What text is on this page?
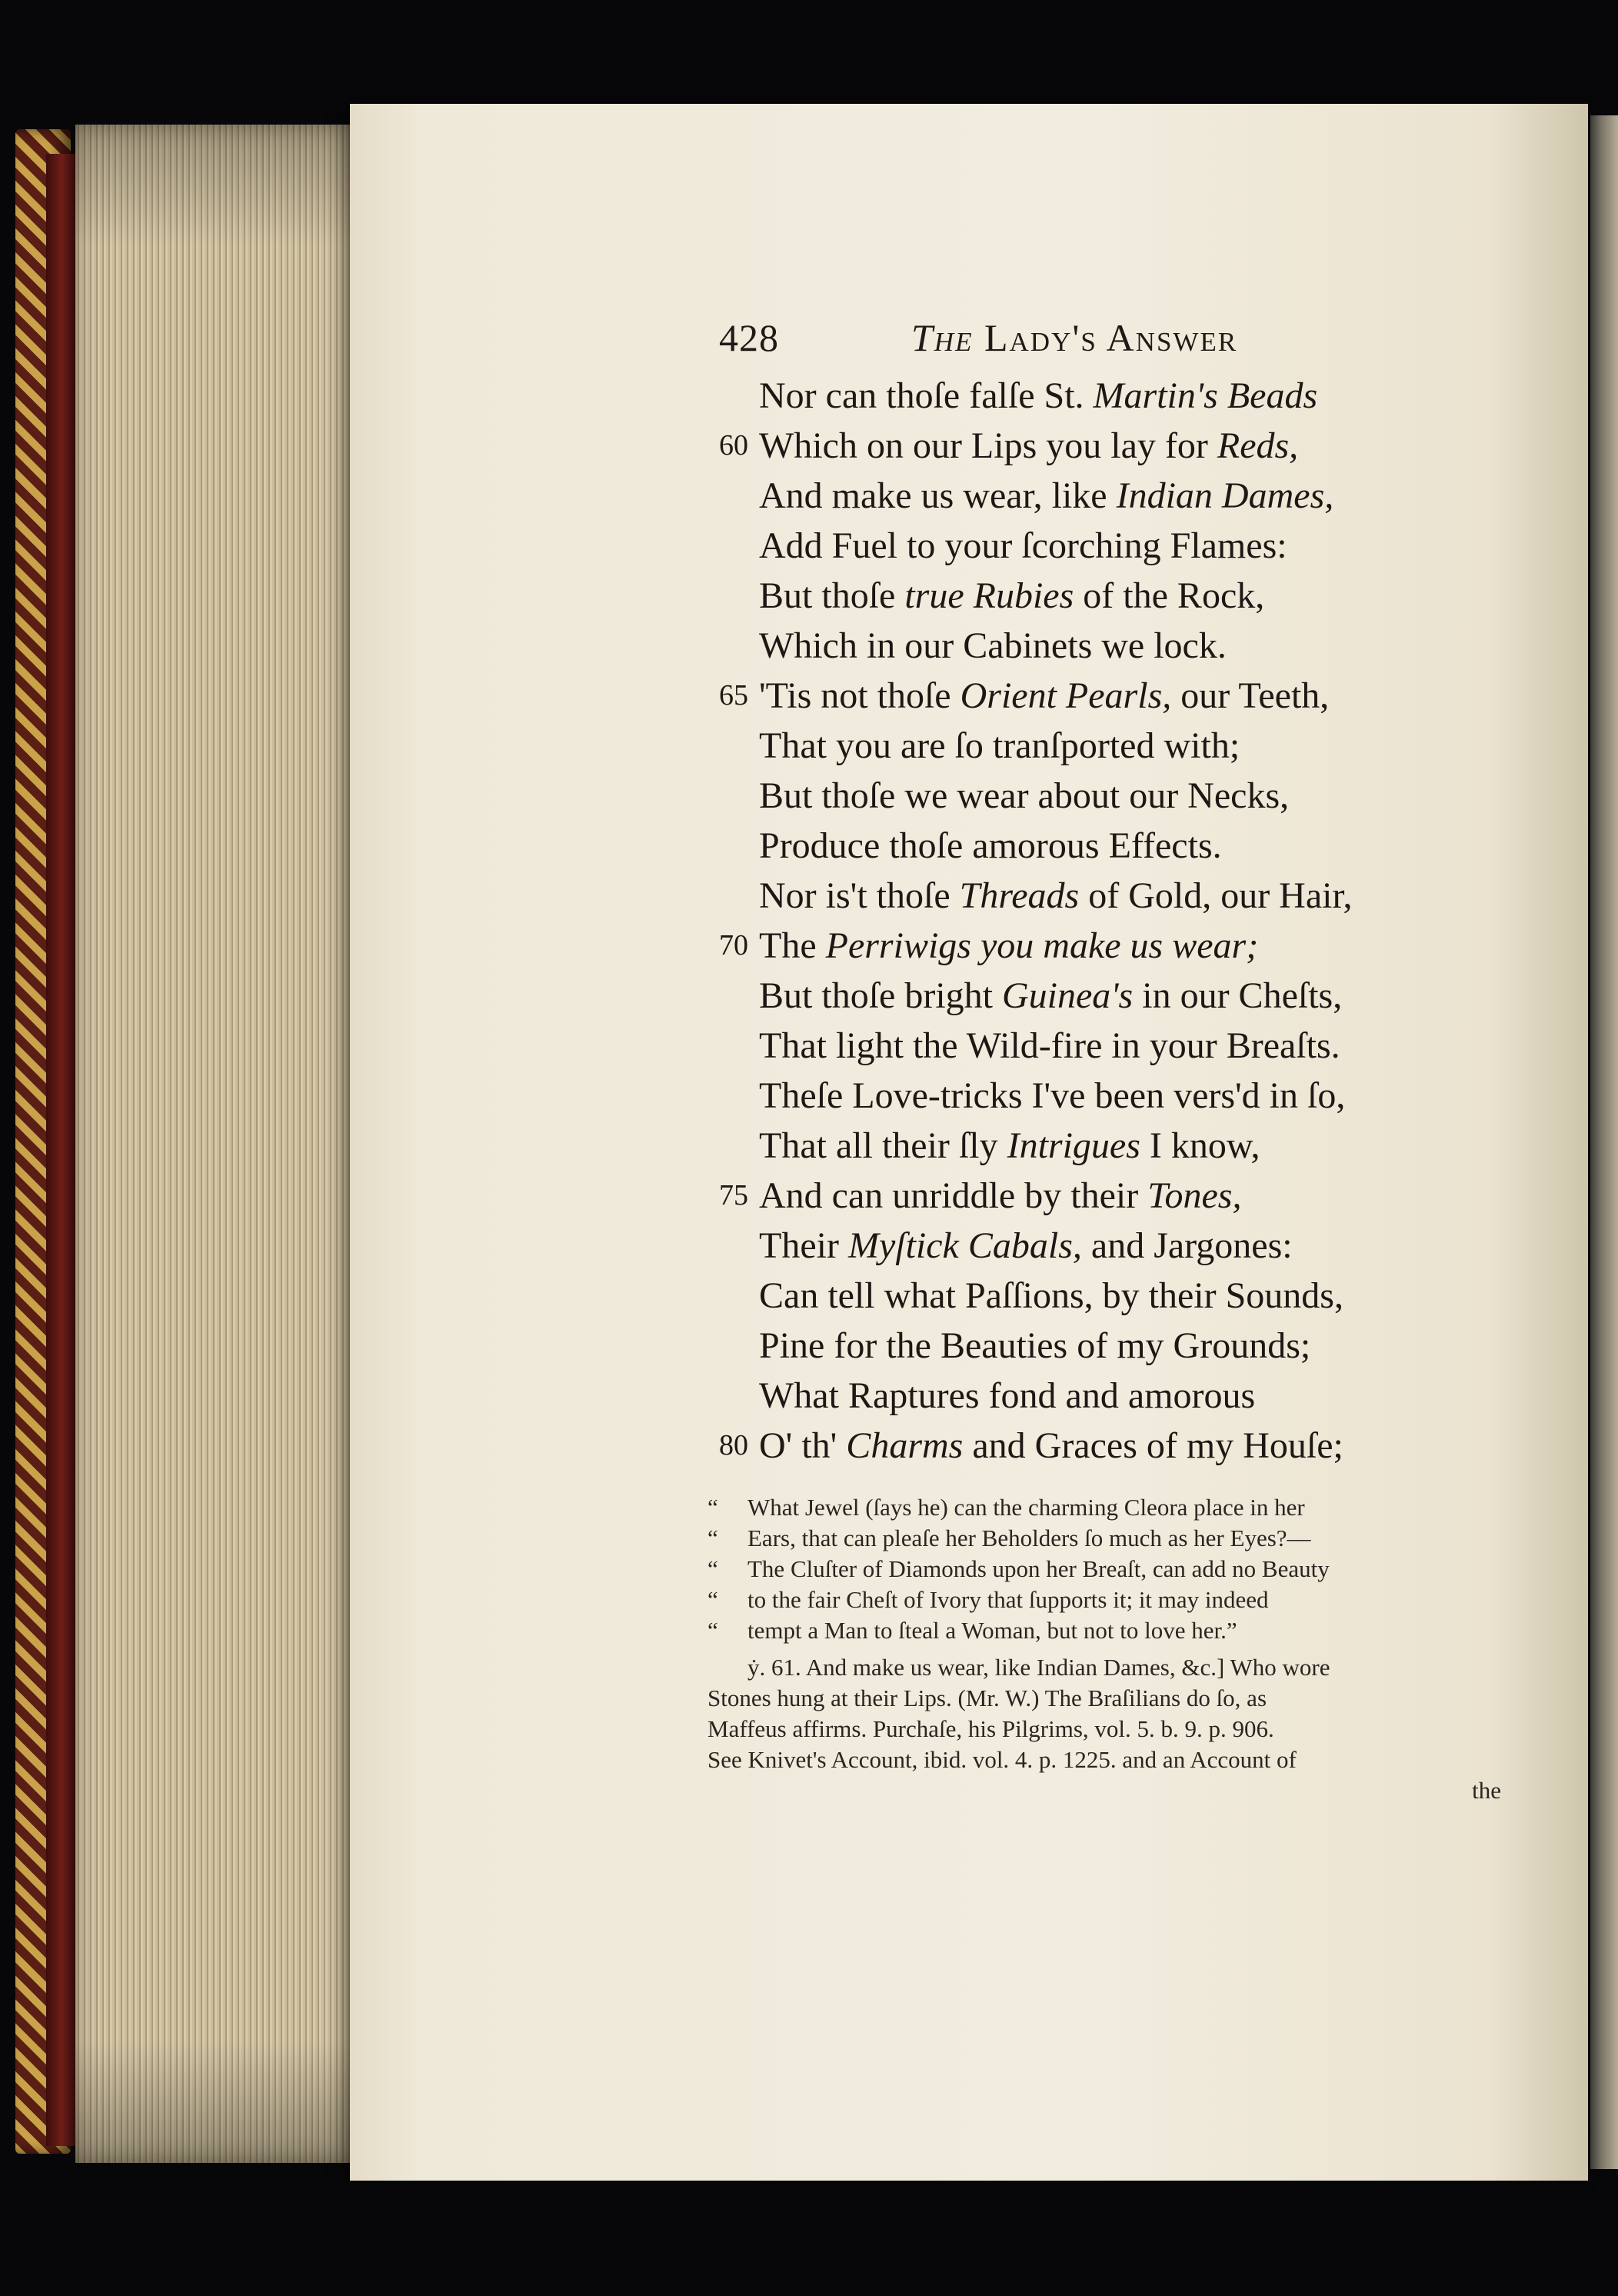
428	The Lady's Answer
Nor can thoſe falſe St. Martin's Beads
60 Which on our Lips you lay for Reds,
And make us wear, like Indian Dames,
Add Fuel to your ſcorching Flames:
But thoſe true Rubies of the Rock,
Which in our Cabinets we lock.
65 'Tis not thoſe Orient Pearls, our Teeth,
That you are ſo tranſported with;
But thoſe we wear about our Necks,
Produce thoſe amorous Effects.
Nor is't thoſe Threads of Gold, our Hair,
70 The Perriwigs you make us wear;
But thoſe bright Guinea's in our Cheſts,
That light the Wild-fire in your Breaſts.
Theſe Love-tricks I've been vers'd in ſo,
That all their ſly Intrigues I know,
75 And can unriddle by their Tones,
Their Myſtick Cabals, and Jargones:
Can tell what Paſſions, by their Sounds,
Pine for the Beauties of my Grounds;
What Raptures fond and amorous
80 O' th' Charms and Graces of my Houſe;
“	What Jewel (ſays he) can the charming Cleora place in her
“	Ears, that can pleaſe her Beholders ſo much as her Eyes?—
“	The Cluſter of Diamonds upon her Breaſt, can add no Beauty
“	to the fair Cheſt of Ivory that ſupports it; it may indeed
“	tempt a Man to ſteal a Woman, but not to love her.”
ẏ. 61. And make us wear, like Indian Dames, &c.] Who wore
Stones hung at their Lips. (Mr. W.) The Braſilians do ſo, as
Maffeus affirms. Purchaſe, his Pilgrims, vol. 5. b. 9. p. 906.
See Knivet's Account, ibid. vol. 4. p. 1225. and an Account of
the
